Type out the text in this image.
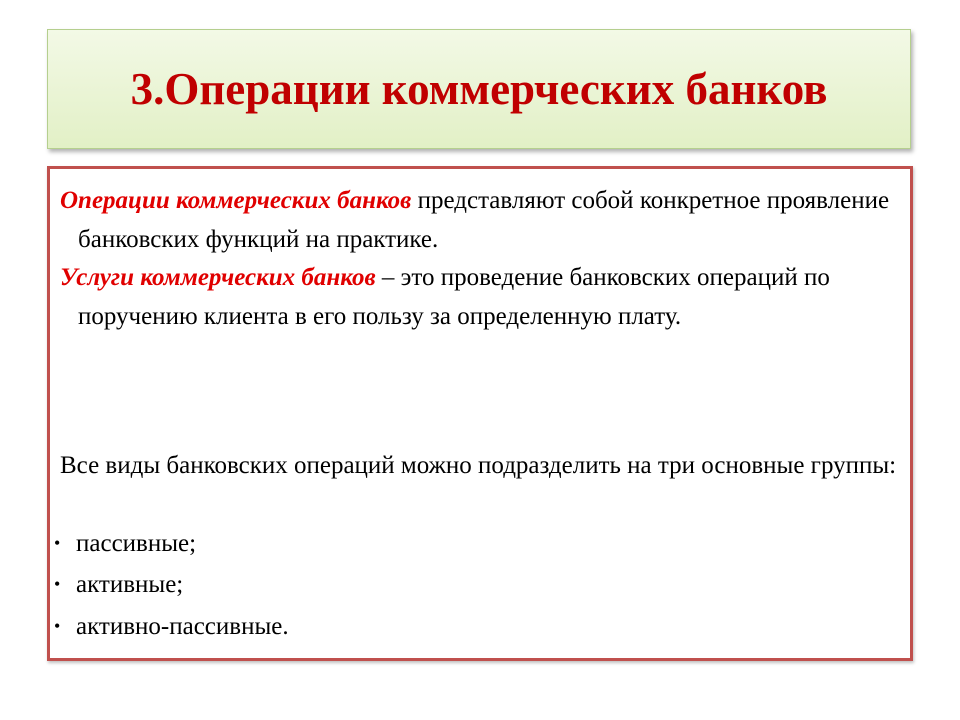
3.Операции коммерческих банков
Операции коммерческих банков представляют собой конкретное проявление банковских функций на практике.
Услуги коммерческих банков – это проведение банковских операций по поручению клиента в его пользу за определенную плату.
Все виды банковских операций можно подразделить на три основные группы:
• пассивные;
• активные;
• активно-пассивные.
